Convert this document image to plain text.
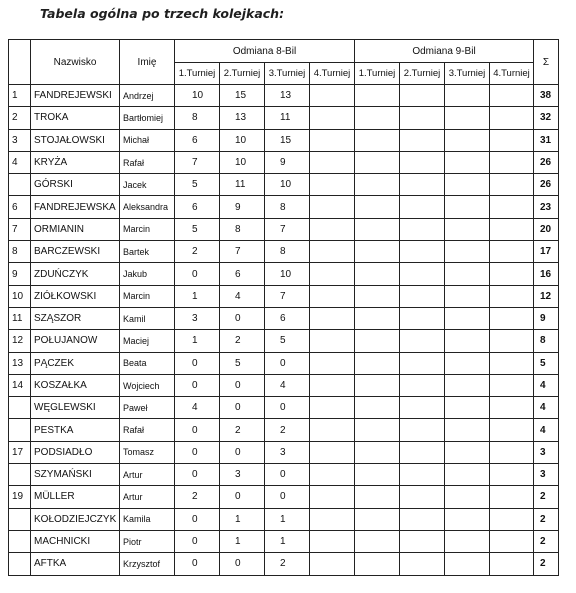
Tabela ogólna po trzech kolejkach:
	Nazwisko	Imię	Odmiana 8-Bil				Odmiana 9-Bil				Σ
			1.Turniej	2.Turniej	3.Turniej	4.Turniej	1.Turniej	2.Turniej	3.Turniej	4.Turniej	
1	FANDREJEWSKI	Andrzej	10	15	13						38
2	TROKA	Bartłomiej	8	13	11						32
3	STOJAŁOWSKI	Michał	6	10	15						31
4	KRYŻA	Rafał	7	10	9						26
	GÓRSKI	Jacek	5	11	10						26
6	FANDREJEWSKA	Aleksandra	6	9	8						23
7	ORMIANIN	Marcin	5	8	7						20
8	BARCZEWSKI	Bartek	2	7	8						17
9	ZDUŃCZYK	Jakub	0	6	10						16
10	ZIÓŁKOWSKI	Marcin	1	4	7						12
11	SZĄSZOR	Kamil	3	0	6						9
12	POŁUJANOW	Maciej	1	2	5						8
13	PĄCZEK	Beata	0	5	0						5
14	KOSZAŁKA	Wojciech	0	0	4						4
	WĘGLEWSKI	Paweł	4	0	0						4
	PESTKA	Rafał	0	2	2						4
17	PODSIADŁO	Tomasz	0	0	3						3
	SZYMAŃSKI	Artur	0	3	0						3
19	MÜLLER	Artur	2	0	0						2
	KOŁODZIEJCZYK	Kamila	0	1	1						2
	MACHNICKI	Piotr	0	1	1						2
	AFTKA	Krzysztof	0	0	2						2
